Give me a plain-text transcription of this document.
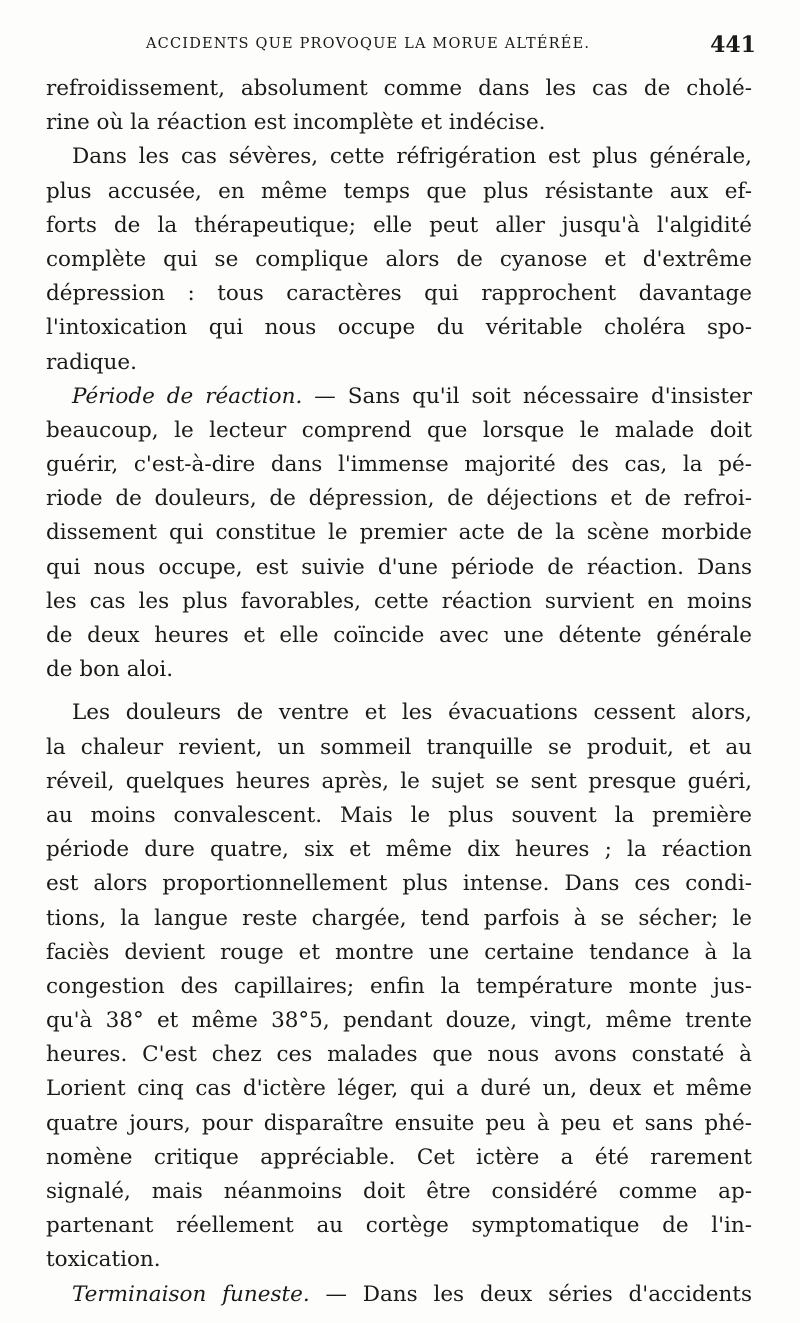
ACCIDENTS QUE PROVOQUE LA MORUE ALTÉRÉE.	441
refroidissement, absolument comme dans les cas de cholé-
rine où la réaction est incomplète et indécise.
Dans les cas sévères, cette réfrigération est plus générale,
plus accusée, en même temps que plus résistante aux ef-
forts de la thérapeutique; elle peut aller jusqu'à l'algidité
complète qui se complique alors de cyanose et d'extrême
dépression : tous caractères qui rapprochent davantage
l'intoxication qui nous occupe du véritable choléra spo-
radique.
Période de réaction. — Sans qu'il soit nécessaire d'insister
beaucoup, le lecteur comprend que lorsque le malade doit
guérir, c'est-à-dire dans l'immense majorité des cas, la pé-
riode de douleurs, de dépression, de déjections et de refroi-
dissement qui constitue le premier acte de la scène morbide
qui nous occupe, est suivie d'une période de réaction. Dans
les cas les plus favorables, cette réaction survient en moins
de deux heures et elle coïncide avec une détente générale
de bon aloi.
Les douleurs de ventre et les évacuations cessent alors,
la chaleur revient, un sommeil tranquille se produit, et au
réveil, quelques heures après, le sujet se sent presque guéri,
au moins convalescent. Mais le plus souvent la première
période dure quatre, six et même dix heures ; la réaction
est alors proportionnellement plus intense. Dans ces condi-
tions, la langue reste chargée, tend parfois à se sécher; le
faciès devient rouge et montre une certaine tendance à la
congestion des capillaires; enfin la température monte jus-
qu'à 38° et même 38°5, pendant douze, vingt, même trente
heures. C'est chez ces malades que nous avons constaté à
Lorient cinq cas d'ictère léger, qui a duré un, deux et même
quatre jours, pour disparaître ensuite peu à peu et sans phé-
nomène critique appréciable. Cet ictère a été rarement
signalé, mais néanmoins doit être considéré comme ap-
partenant réellement au cortège symptomatique de l'in-
toxication.
Terminaison funeste. — Dans les deux séries d'accidents
